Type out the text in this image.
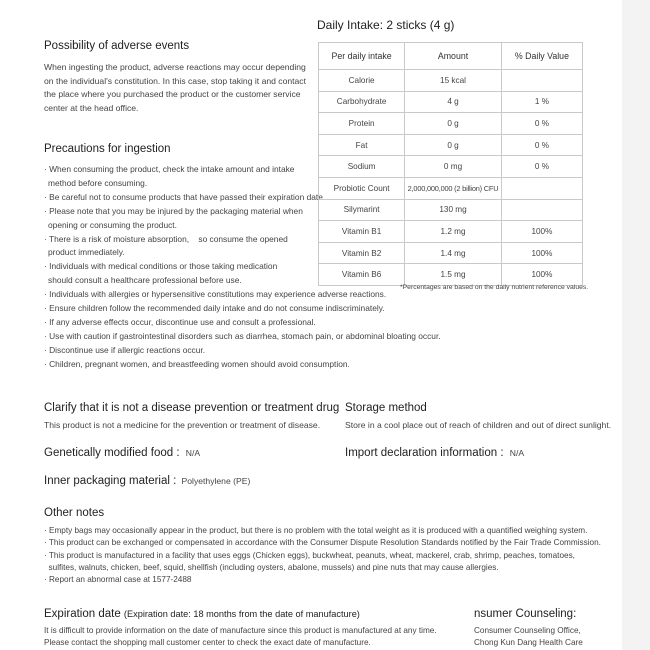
Possibility of adverse events
When ingesting the product, adverse reactions may occur depending
on the individual's constitution. In this case, stop taking it and contact
the place where you purchased the product or the customer service
center at the head office.
Precautions for ingestion
· When consuming the product, check the intake amount and intake
method before consuming.
· Be careful not to consume products that have passed their expiration date.
· Please note that you may be injured by the packaging material when
opening or consuming the product.
· There is a risk of moisture absorption,    so consume the opened
product immediately.
· Individuals with medical conditions or those taking medication
should consult a healthcare professional before use.
· Individuals with allergies or hypersensitive constitutions may experience adverse reactions.
· Ensure children follow the recommended daily intake and do not consume indiscriminately.
· If any adverse effects occur, discontinue use and consult a professional.
· Use with caution if gastrointestinal disorders such as diarrhea, stomach pain, or abdominal bloating occur.
· Discontinue use if allergic reactions occur.
· Children, pregnant women, and breastfeeding women should avoid consumption.
Daily Intake: 2 sticks (4 g)
Per daily intake	Amount	% Daily Value
Calorie	15 kcal	
Carbohydrate	4 g	1 %
Protein	0 g	0 %
Fat	0 g	0 %
Sodium	0 mg	0 %
Probiotic Count	2,000,000,000 (2 billion) CFU	
Silymarint	130 mg	
Vitamin B1	1.2 mg	100%
Vitamin B2	1.4 mg	100%
Vitamin B6	1.5 mg	100%
*Percentages are based on the daily nutrient reference values.
Clarify that it is not a disease prevention or treatment drug
This product is not a medicine for the prevention or treatment of disease.
Storage method
Store in a cool place out of reach of children and out of direct sunlight.
Genetically modified food : N/A	Import declaration information : N/A
Inner packaging material : Polyethylene (PE)
Other notes
· Empty bags may occasionally appear in the product, but there is no problem with the total weight as it is produced with a quantified weighing system.
· This product can be exchanged or compensated in accordance with the Consumer Dispute Resolution Standards notified by the Fair Trade Commission.
· This product is manufactured in a facility that uses eggs (Chicken eggs), buckwheat, peanuts, wheat, mackerel, crab, shrimp, peaches, tomatoes,
sulfites, walnuts, chicken, beef, squid, shellfish (including oysters, abalone, mussels) and pine nuts that may cause allergies.
· Report an abnormal case at 1577-2488
Expiration date (Expiration date: 18 months from the date of manufacture)
It is difficult to provide information on the date of manufacture since this product is manufactured at any time.
Please contact the shopping mall customer center to check the exact date of manufacture.
nsumer Counseling:
Consumer Counseling Office,
Chong Kun Dang Health Care
